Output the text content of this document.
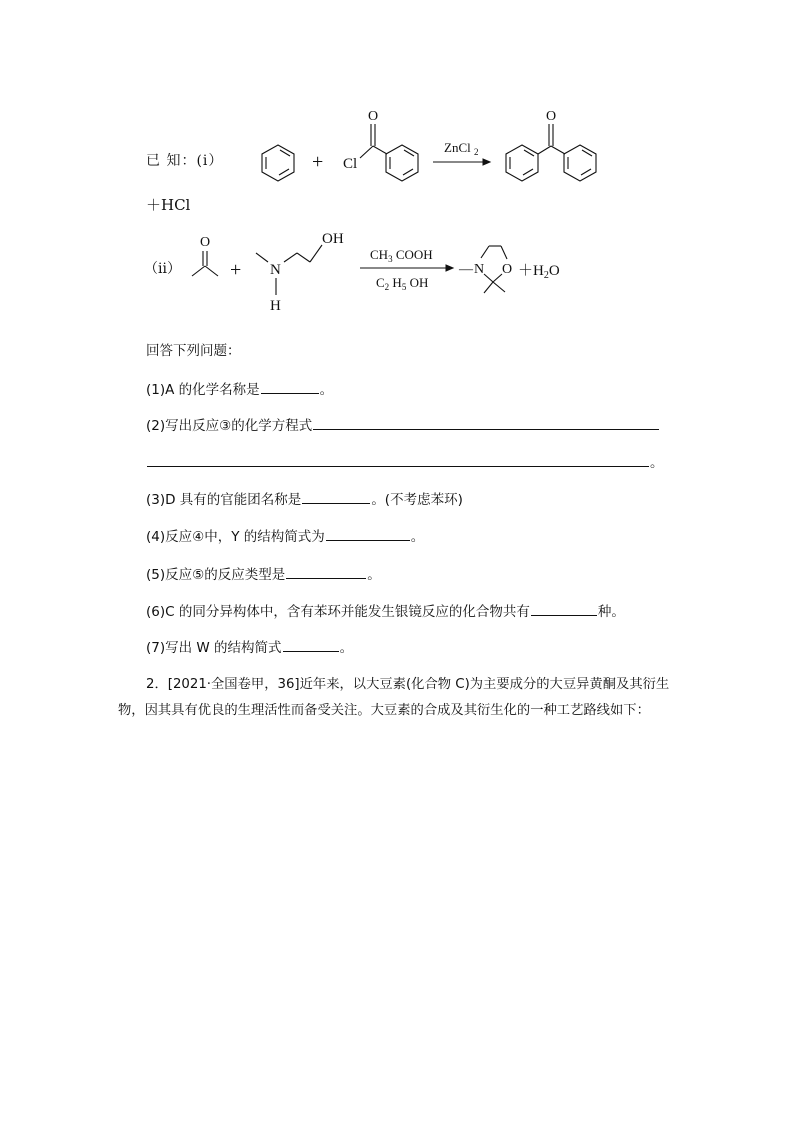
已 知：(ⅰ）	+ Cl
O
ZnCl 2
O
（ⅱ）
O
+ N
H
OH
$CH_3$ COOH
$C_2$ $H_5$ OH
— N $O +H_2O$
＋HCl
回答下列问题：
(1)A 的化学名称是	。
(2)写出反应③的化学方程式
。
(3)D 具有的官能团名称是	。(不考虑苯环)
(4)反应④中，Y 的结构简式为	。
(5)反应⑤的反应类型是	。
(6)C 的同分异构体中，含有苯环并能发生银镜反应的化合物共有	种。
(7)写出 W 的结构简式	。
2．[2021·全国卷甲，36]近年来，以大豆素(化合物 C)为主要成分的大豆异黄酮及其衍生
物，因其具有优良的生理活性而备受关注。大豆素的合成及其衍生化的一种工艺路线如下：
